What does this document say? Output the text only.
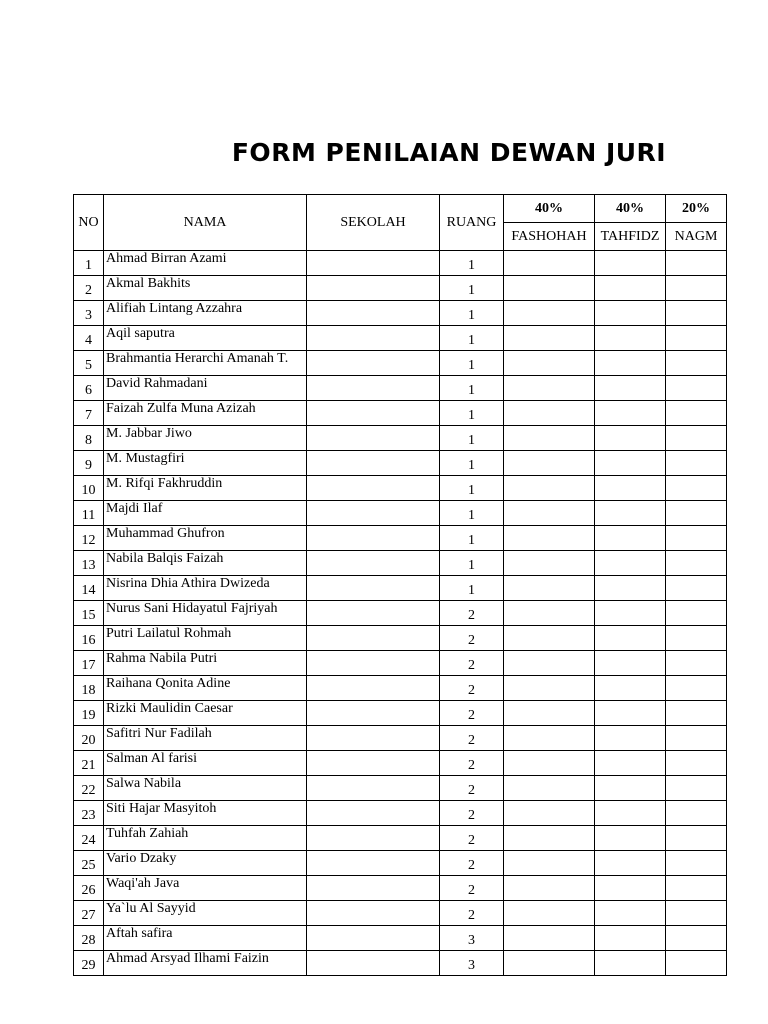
FORM PENILAIAN DEWAN JURI
NO	NAMA	SEKOLAH	RUANG	40%	40%	20%
				FASHOHAH	TAHFIDZ	NAGM
1	Ahmad Birran Azami		1			
2	Akmal Bakhits		1			
3	Alifiah Lintang Azzahra		1			
4	Aqil saputra		1			
5	Brahmantia Herarchi Amanah T.		1			
6	David Rahmadani		1			
7	Faizah Zulfa Muna Azizah		1			
8	M. Jabbar Jiwo		1			
9	M. Mustagfiri		1			
10	M. Rifqi Fakhruddin		1			
11	Majdi Ilaf		1			
12	Muhammad Ghufron		1			
13	Nabila Balqis Faizah		1			
14	Nisrina Dhia Athira Dwizeda		1			
15	Nurus Sani Hidayatul Fajriyah		2			
16	Putri Lailatul Rohmah		2			
17	Rahma Nabila Putri		2			
18	Raihana Qonita Adine		2			
19	Rizki Maulidin Caesar		2			
20	Safitri Nur Fadilah		2			
21	Salman Al farisi		2			
22	Salwa Nabila		2			
23	Siti Hajar Masyitoh		2			
24	Tuhfah Zahiah		2			
25	Vario Dzaky		2			
26	Waqi'ah Java		2			
27	Ya`lu Al Sayyid		2			
28	Aftah safira		3			
29	Ahmad Arsyad Ilhami Faizin		3			
